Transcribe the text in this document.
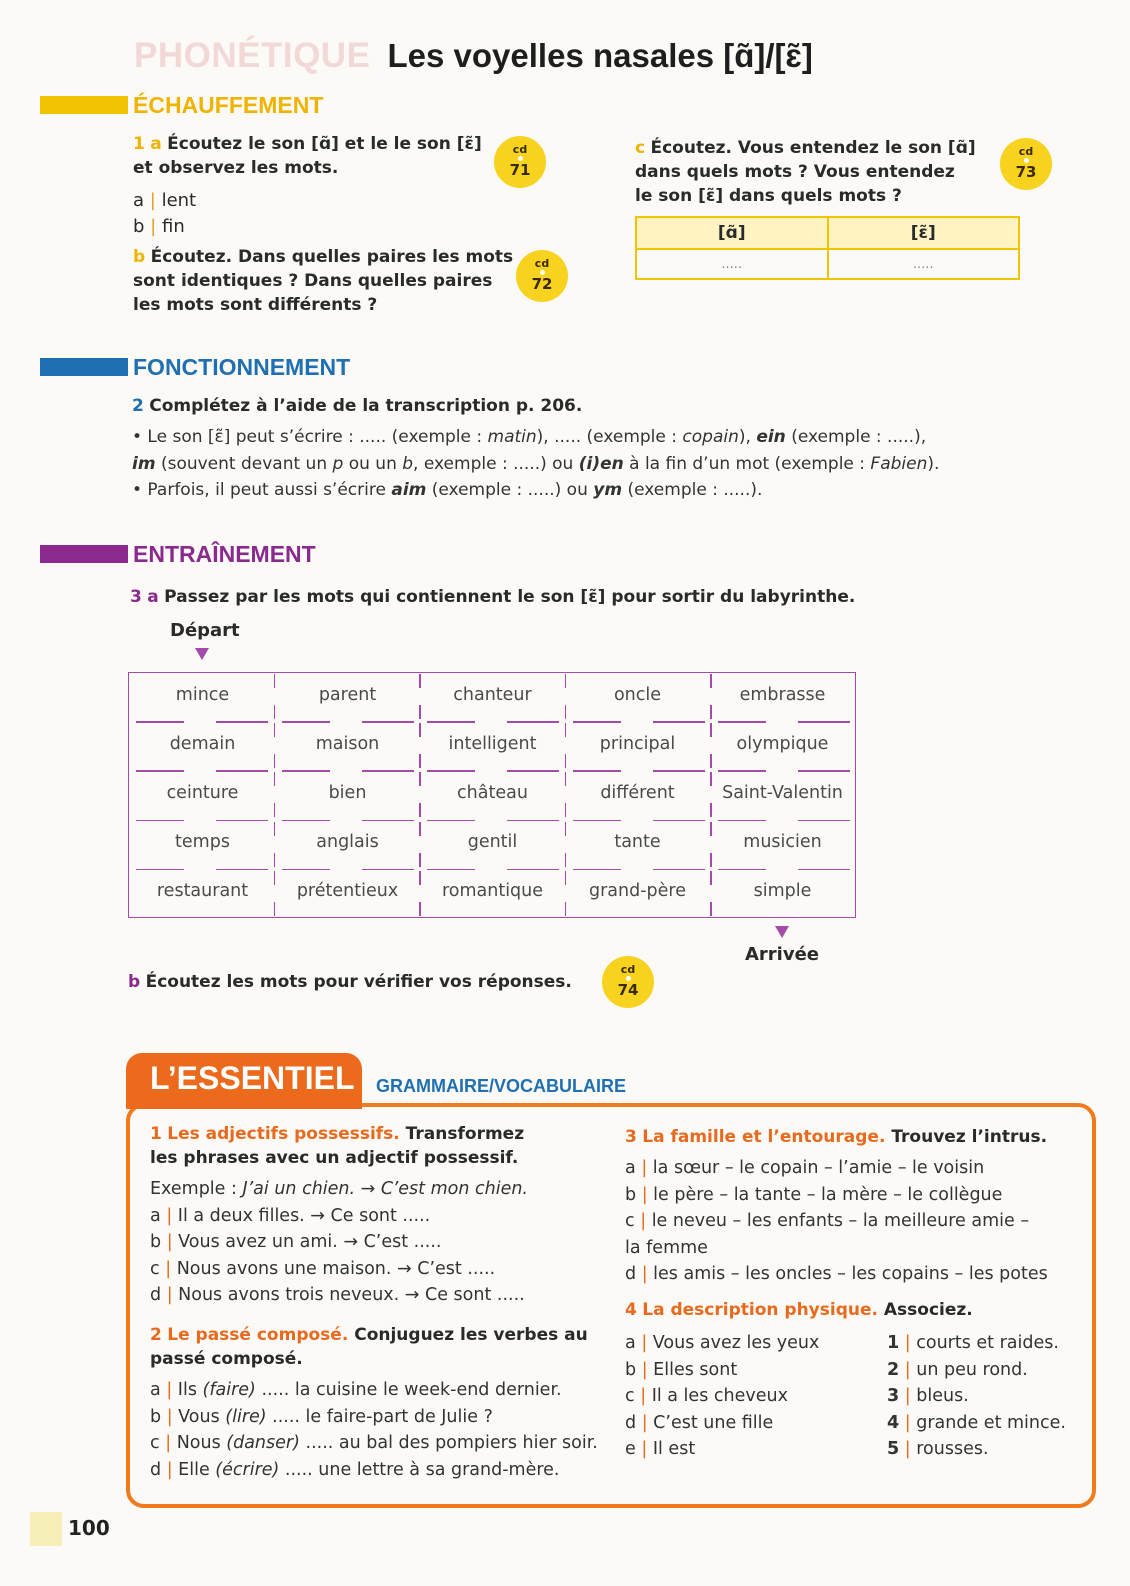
PHONÉTIQUE Les voyelles nasales [ɑ̃]/[ɛ̃]
ÉCHAUFFEMENT
1 a Écoutez le son [ɑ̃] et le le son [ɛ̃]
et observez les mots.
a | lent
b | fin
cd
71
b Écoutez. Dans quelles paires les mots
sont identiques ? Dans quelles paires
les mots sont différents ?
cd
72
c Écoutez. Vous entendez le son [ɑ̃]
dans quels mots ? Vous entendez
le son [ɛ̃] dans quels mots ?
cd
73
[ɑ̃]	[ɛ̃]
.....	.....
FONCTIONNEMENT
2 Complétez à l’aide de la transcription p. 206.
• Le son [ɛ̃] peut s’écrire : ..... (exemple : matin), ..... (exemple : copain), ein (exemple : .....),
im (souvent devant un p ou un b, exemple : .....) ou (i)en à la fin d’un mot (exemple : Fabien).
• Parfois, il peut aussi s’écrire aim (exemple : .....) ou ym (exemple : .....).
ENTRAÎNEMENT
3 a Passez par les mots qui contiennent le son [ɛ̃] pour sortir du labyrinthe.
Départ
mince	parent	chanteur	oncle	embrasse
demain	maison	intelligent	principal	olympique
ceinture	bien	château	différent	Saint-Valentin
temps	anglais	gentil	tante	musicien
restaurant	prétentieux	romantique	grand-père	simple
Arrivée
b Écoutez les mots pour vérifier vos réponses.
cd
74
L’ESSENTIEL GRAMMAIRE/VOCABULAIRE
1 Les adjectifs possessifs. Transformez
les phrases avec un adjectif possessif.
Exemple : J’ai un chien. → C’est mon chien.
a | Il a deux filles. → Ce sont .....
b | Vous avez un ami. → C’est .....
c | Nous avons une maison. → C’est .....
d | Nous avons trois neveux. → Ce sont .....
2 Le passé composé. Conjuguez les verbes au
passé composé.
a | Ils (faire) ..... la cuisine le week-end dernier.
b | Vous (lire) ..... le faire-part de Julie ?
c | Nous (danser) ..... au bal des pompiers hier soir.
d | Elle (écrire) ..... une lettre à sa grand-mère.
3 La famille et l’entourage. Trouvez l’intrus.
a | la sœur – le copain – l’amie – le voisin
b | le père – la tante – la mère – le collègue
c | le neveu – les enfants – la meilleure amie –
la femme
d | les amis – les oncles – les copains – les potes
4 La description physique. Associez.
a | Vous avez les yeux
b | Elles sont
c | Il a les cheveux
d | C’est une fille
e | Il est
1 | courts et raides.
2 | un peu rond.
3 | bleus.
4 | grande et mince.
5 | rousses.
100
